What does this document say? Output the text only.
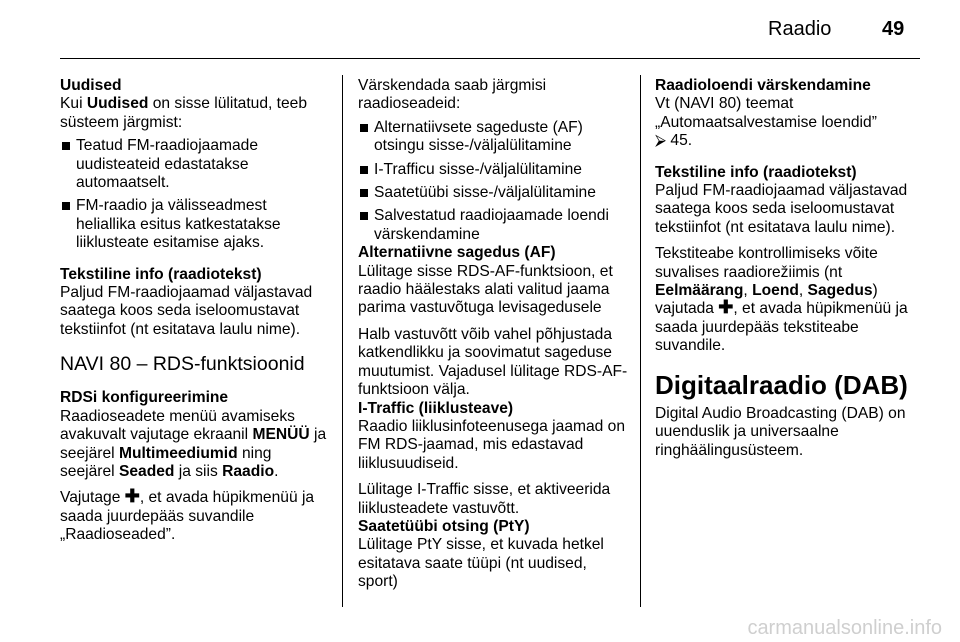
Raadio	49

Uudised

Kui Uudised on sisse lülitatud, teeb süsteem järgmist:

Teatud FM-raadiojaamade uudisteateid edastatakse automaatselt.
FM-raadio ja välisseadmest heliallika esitus katkestatakse liiklusteate esitamise ajaks.

Tekstiline info (raadiotekst)

Paljud FM-raadiojaamad väljastavad saatega koos seda iseloomustavat tekstiinfot (nt esitatava laulu nime).

NAVI 80 – RDS-funktsioonid

RDSi konfigureerimine

Raadioseadete menüü avamiseks avakuvalt vajutage ekraanil MENÜÜ ja seejärel Multimeediumid ning seejärel Seaded ja siis Raadio.

Vajutage ✚, et avada hüpikmenüü ja saada juurdepääs suvandile „Raadioseaded”.

Värskendada saab järgmisi raadioseadeid:

Alternatiivsete sageduste (AF) otsingu sisse-/väljalülitamine
I-Trafficu sisse-/väljalülitamine
Saatetüübi sisse-/väljalülitamine
Salvestatud raadiojaamade loendi värskendamine

Alternatiivne sagedus (AF)

Lülitage sisse RDS-AF-funktsioon, et raadio häälestaks alati valitud jaama parima vastuvõtuga levisagedusele

Halb vastuvõtt võib vahel põhjustada katkendlikku ja soovimatut sageduse muutumist. Vajadusel lülitage RDS-AF-funktsioon välja.

I-Traffic (liiklusteave)

Raadio liiklusinfoteenusega jaamad on FM RDS-jaamad, mis edastavad liiklusuudiseid.

Lülitage I-Traffic sisse, et aktiveerida liiklusteadete vastuvõtt.

Saatetüübi otsing (PtY)

Lülitage PtY sisse, et kuvada hetkel esitatava saate tüüpi (nt uudised, sport)

Raadioloendi värskendamine

Vt (NAVI 80) teemat „Automaatsalvestamise loendid”
⮚ 45.

Tekstiline info (raadiotekst)

Paljud FM-raadiojaamad väljastavad saatega koos seda iseloomustavat tekstiinfot (nt esitatava laulu nime).

Tekstiteabe kontrollimiseks võite suvalises raadiorežiimis (nt Eelmäärang, Loend, Sagedus) vajutada ✚, et avada hüpikmenüü ja saada juurdepääs tekstiteabe suvandile.

Digitaalraadio (DAB)

Digital Audio Broadcasting (DAB) on uuenduslik ja universaalne ringhäälingusüsteem.

carmanualsonline.info
